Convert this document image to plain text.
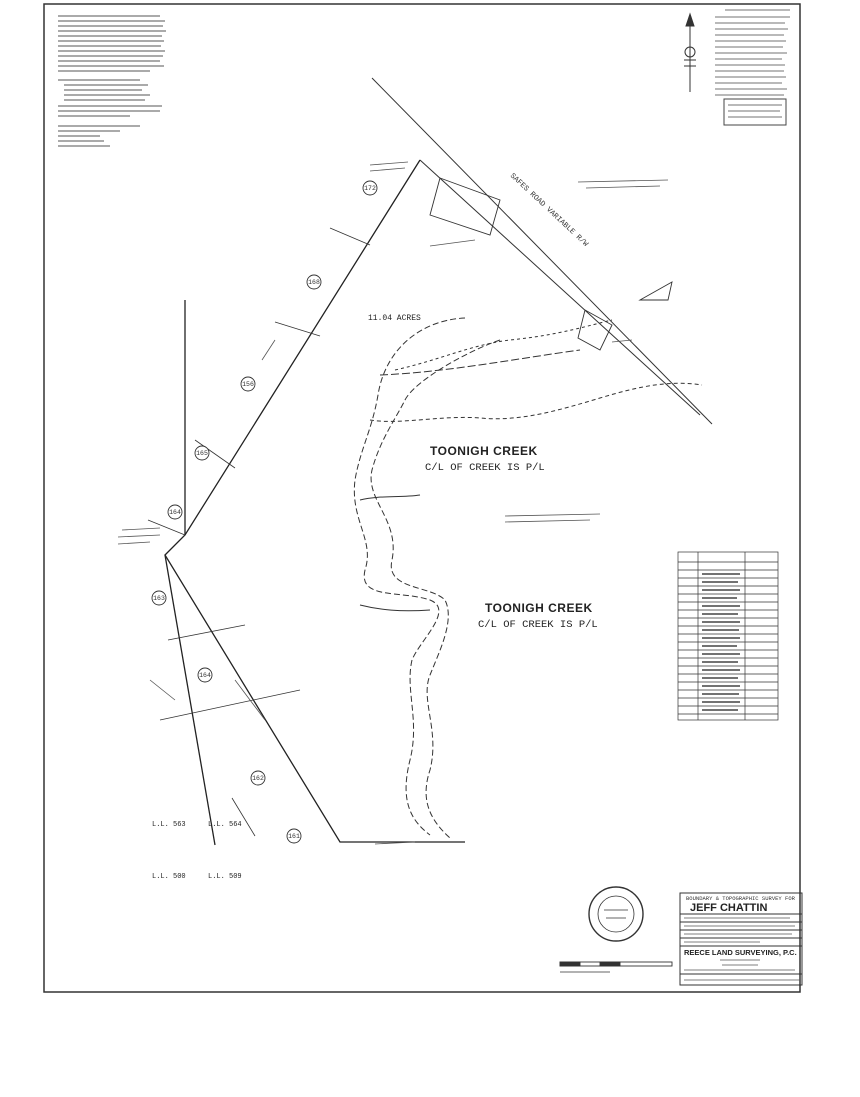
SAFES ROAD VARIABLE R/W
11.04 ACRES
TOONIGH CREEK
C/L OF CREEK IS P/L
TOONIGH CREEK
C/L OF CREEK IS P/L
172
168
156
165
164
163
164
162
161
L.L. 563	L.L. 564
L.L. 500	L.L. 509
BOUNDARY & TOPOGRAPHIC SURVEY FOR
JEFF CHATTIN
REECE LAND SURVEYING, P.C.
